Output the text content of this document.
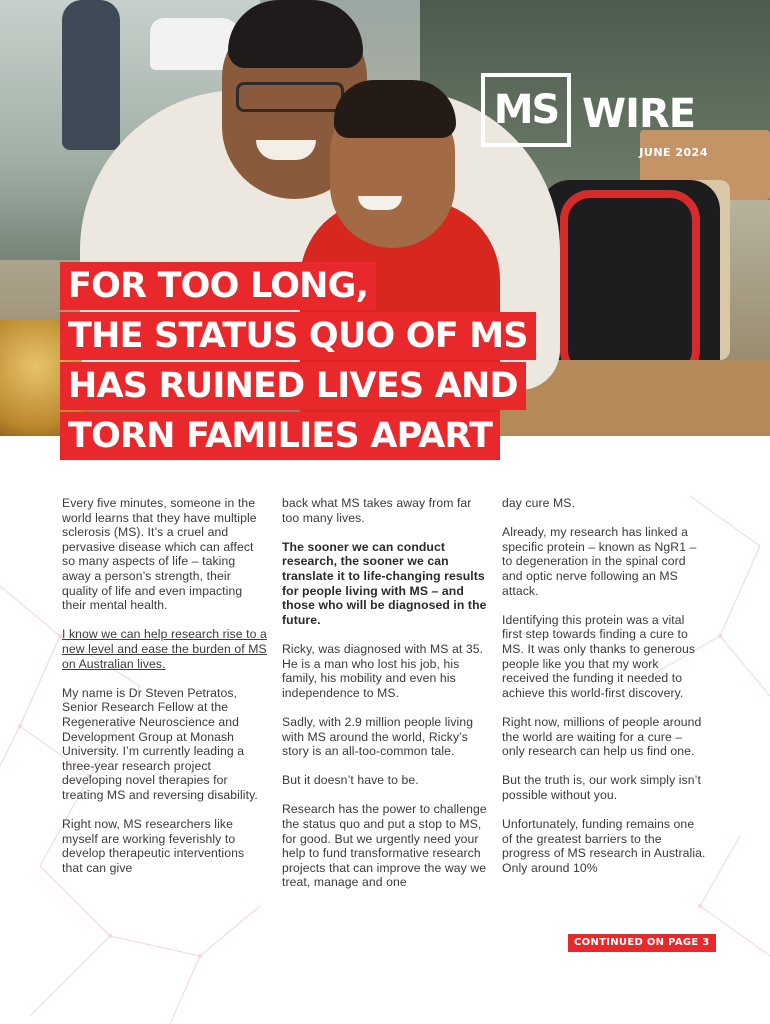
MS WIRE
JUNE 2024
FOR TOO LONG,
THE STATUS QUO OF MS
HAS RUINED LIVES AND
TORN FAMILIES APART

Every five minutes, someone in the world learns that they have multiple sclerosis (MS). It’s a cruel and pervasive disease which can affect so many aspects of life – taking away a person’s strength, their quality of life and even impacting their mental health.

I know we can help research rise to a new level and ease the burden of MS on Australian lives.

My name is Dr Steven Petratos, Senior Research Fellow at the Regenerative Neuroscience and Development Group at Monash University. I’m currently leading a three-year research project developing novel therapies for treating MS and reversing disability.

Right now, MS researchers like myself are working feverishly to develop therapeutic interventions that can give

back what MS takes away from far too many lives.

The sooner we can conduct research, the sooner we can translate it to life-changing results for people living with MS – and those who will be diagnosed in the future.

Ricky, was diagnosed with MS at 35. He is a man who lost his job, his family, his mobility and even his independence to MS.

Sadly, with 2.9 million people living with MS around the world, Ricky’s story is an all-too-common tale.

But it doesn’t have to be.

Research has the power to challenge the status quo and put a stop to MS, for good. But we urgently need your help to fund transformative research projects that can improve the way we treat, manage and one

day cure MS.

Already, my research has linked a specific protein – known as NgR1 – to degeneration in the spinal cord and optic nerve following an MS attack.

Identifying this protein was a vital first step towards finding a cure to MS. It was only thanks to generous people like you that my work received the funding it needed to achieve this world-first discovery.

Right now, millions of people around the world are waiting for a cure – only research can help us find one.

But the truth is, our work simply isn’t possible without you.

Unfortunately, funding remains one of the greatest barriers to the progress of MS research in Australia. Only around 10%

CONTINUED ON PAGE 3
